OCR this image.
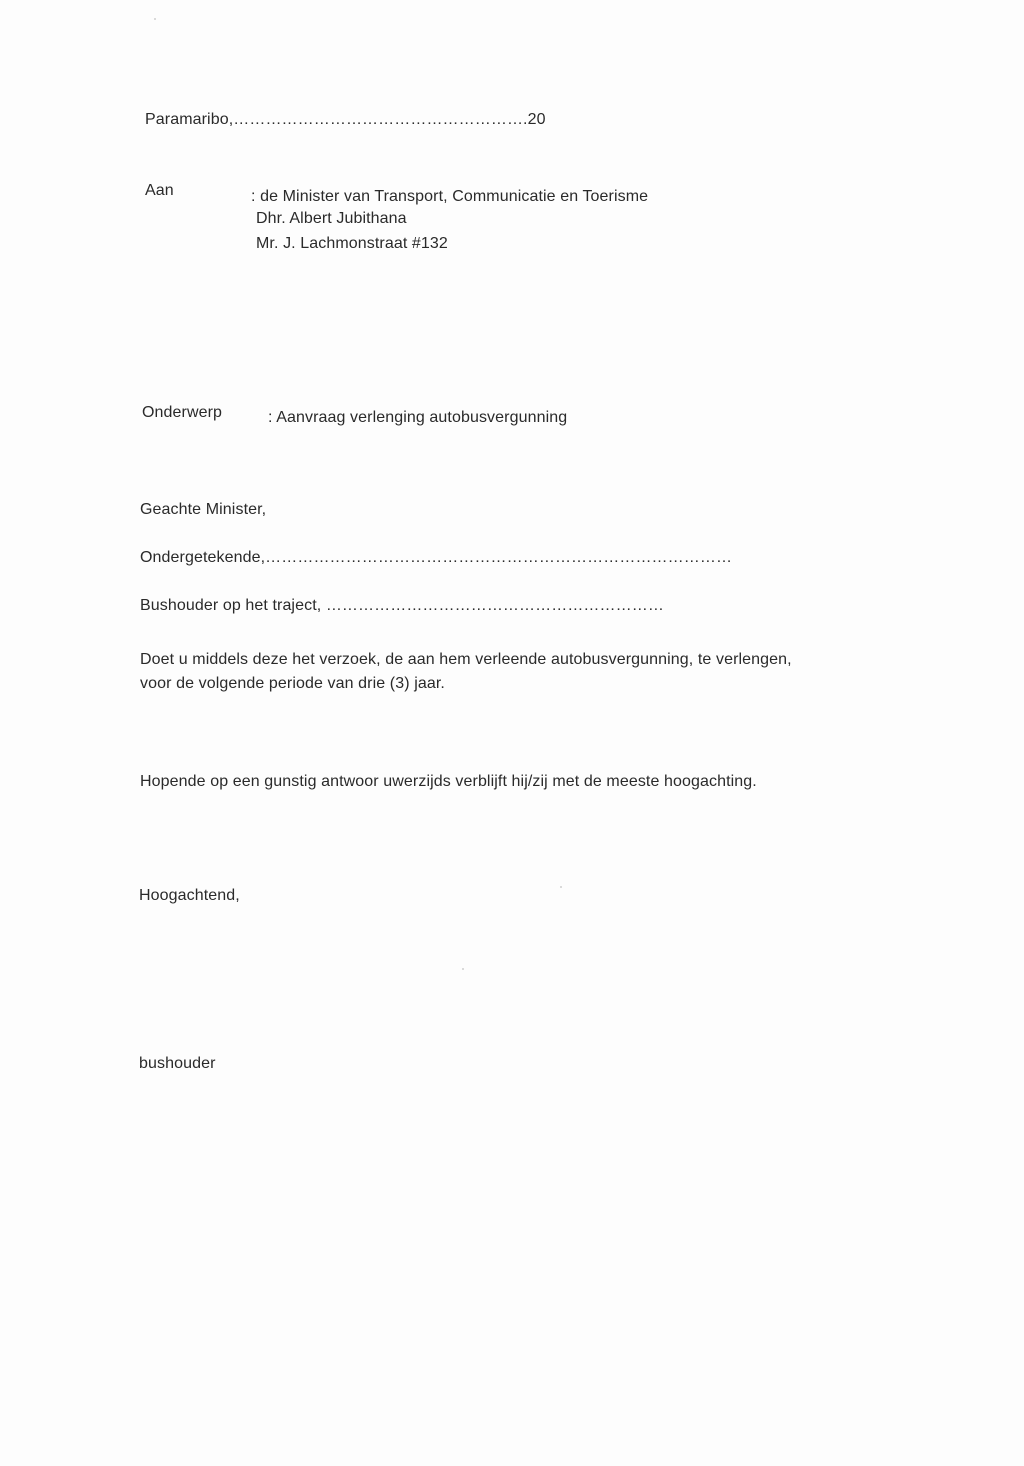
Paramaribo,……………………………………………….20
Aan	: de Minister van Transport, Communicatie en Toerisme
Dhr. Albert Jubithana
Mr. J. Lachmonstraat #132
Onderwerp	: Aanvraag verlenging autobusvergunning
Geachte Minister,
Ondergetekende,……………………………………………………………………………
Bushouder op het traject, ………………………………………………………
Doet u middels deze het verzoek, de aan hem verleende autobusvergunning, te verlengen,
voor de volgende periode van drie (3) jaar.
Hopende op een gunstig antwoor uwerzijds verblijft hij/zij met de meeste hoogachting.
Hoogachtend,
bushouder
